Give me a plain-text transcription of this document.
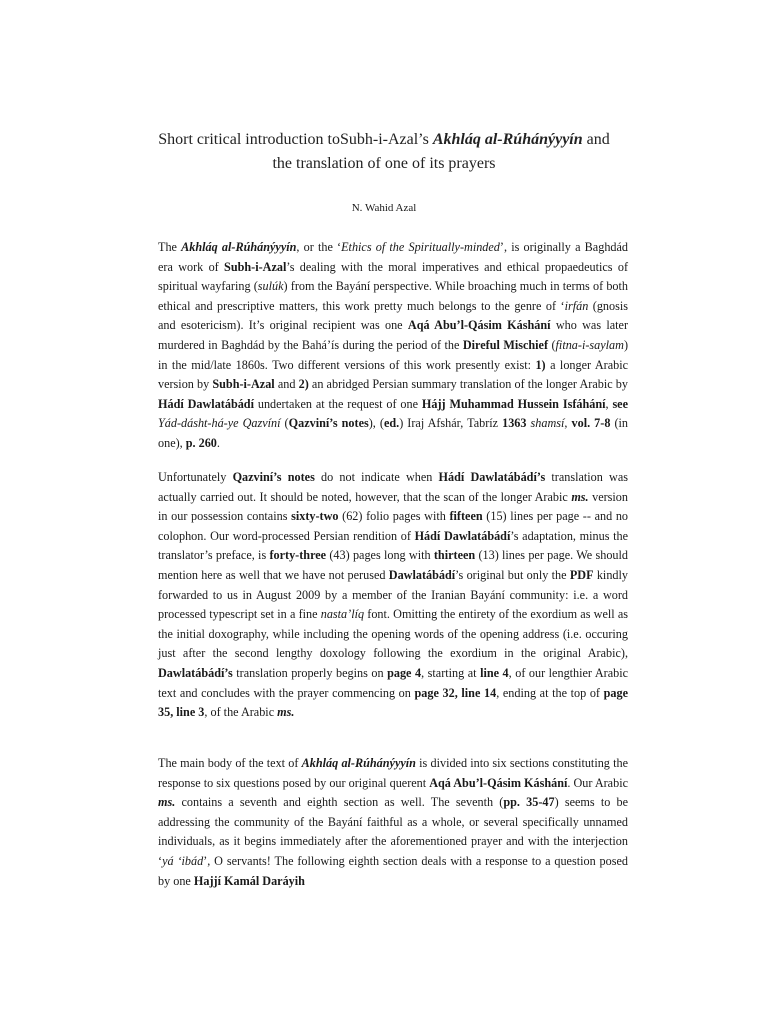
Short critical introduction toSubh-i-Azal’s Akhláq al-Rúhánýyyín and
the translation of one of its prayers
N. Wahid Azal

The Akhláq al-Rúhánýyyín, or the ‘Ethics of the Spiritually-minded’, is originally a Baghdád era work of Subh-i-Azal’s dealing with the moral imperatives and ethical propaedeutics of spiritual wayfaring (sulúk) from the Bayání perspective. While broaching much in terms of both ethical and prescriptive matters, this work pretty much belongs to the genre of ‘irfán (gnosis and esotericism). It’s original recipient was one Aqá Abu’l-Qásim Káshání who was later murdered in Baghdád by the Bahá’ís during the period of the Direful Mischief (fitna-i-saylam) in the mid/late 1860s. Two different versions of this work presently exist: 1) a longer Arabic version by Subh-i-Azal and 2) an abridged Persian summary translation of the longer Arabic by Hádí Dawlatábádí undertaken at the request of one Hájj Muhammad Hussein Isfáhání, see Yád-dásht-há-ye Qazvíní (Qazviní’s notes), (ed.) Iraj Afshár, Tabríz 1363 shamsí, vol. 7-8 (in one), p. 260.

Unfortunately Qazviní’s notes do not indicate when Hádí Dawlatábádí’s translation was actually carried out. It should be noted, however, that the scan of the longer Arabic ms. version in our possession contains sixty-two (62) folio pages with fifteen (15) lines per page -- and no colophon. Our word-processed Persian rendition of Hádí Dawlatábádí’s adaptation, minus the translator’s preface, is forty-three (43) pages long with thirteen (13) lines per page. We should mention here as well that we have not perused Dawlatábádí’s original but only the PDF kindly forwarded to us in August 2009 by a member of the Iranian Bayání community: i.e. a word processed typescript set in a fine nasta’líq font. Omitting the entirety of the exordium as well as the initial doxography, while including the opening words of the opening address (i.e. occuring just after the second lengthy doxology following the exordium in the original Arabic), Dawlatábádí’s translation properly begins on page 4, starting at line 4, of our lengthier Arabic text and concludes with the prayer commencing on page 32, line 14, ending at the top of page 35, line 3, of the Arabic ms.

The main body of the text of Akhláq al-Rúhánýyyín is divided into six sections constituting the response to six questions posed by our original querent Aqá Abu’l-Qásim Káshání. Our Arabic ms. contains a seventh and eighth section as well. The seventh (pp. 35-47) seems to be addressing the community of the Bayání faithful as a whole, or several specifically unnamed individuals, as it begins immediately after the aforementioned prayer and with the interjection ‘yá ‘ibád’, O servants! The following eighth section deals with a response to a question posed by one Hajjí Kamál Daráyih
